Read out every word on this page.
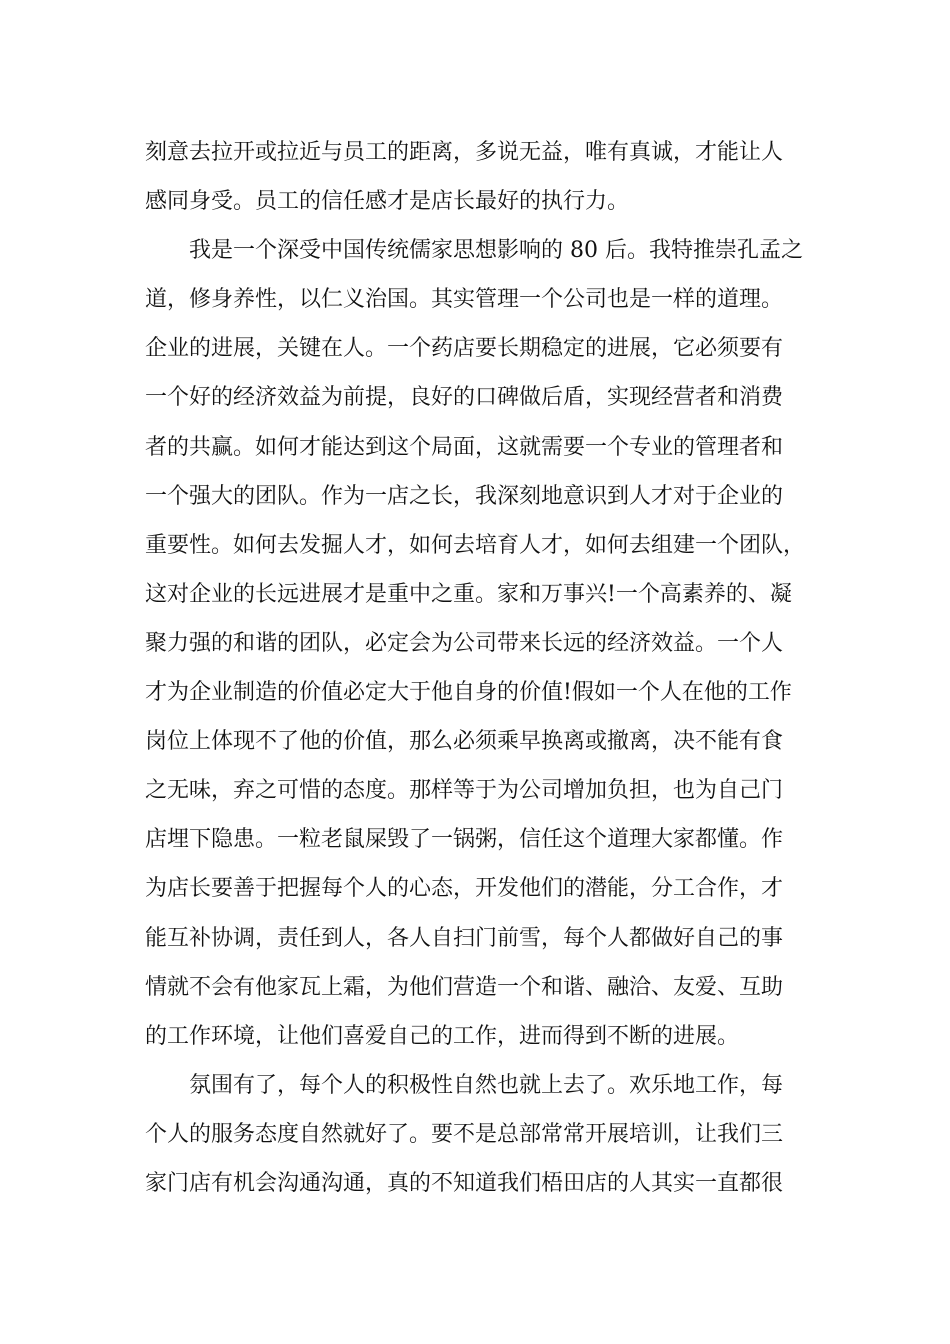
刻意去拉开或拉近与员工的距离，多说无益，唯有真诚，才能让人
感同身受。员工的信任感才是店长最好的执行力。
我是一个深受中国传统儒家思想影响的 80 后。我特推崇孔孟之
道，修身养性，以仁义治国。其实管理一个公司也是一样的道理。
企业的进展，关键在人。一个药店要长期稳定的进展，它必须要有
一个好的经济效益为前提，良好的口碑做后盾，实现经营者和消费
者的共赢。如何才能达到这个局面，这就需要一个专业的管理者和
一个强大的团队。作为一店之长，我深刻地意识到人才对于企业的
重要性。如何去发掘人才，如何去培育人才，如何去组建一个团队，
这对企业的长远进展才是重中之重。家和万事兴!一个高素养的、凝
聚力强的和谐的团队，必定会为公司带来长远的经济效益。一个人
才为企业制造的价值必定大于他自身的价值!假如一个人在他的工作
岗位上体现不了他的价值，那么必须乘早换离或撤离，决不能有食
之无味，弃之可惜的态度。那样等于为公司增加负担，也为自己门
店埋下隐患。一粒老鼠屎毁了一锅粥，信任这个道理大家都懂。作
为店长要善于把握每个人的心态，开发他们的潜能，分工合作，才
能互补协调，责任到人，各人自扫门前雪，每个人都做好自己的事
情就不会有他家瓦上霜，为他们营造一个和谐、融洽、友爱、互助
的工作环境，让他们喜爱自己的工作，进而得到不断的进展。
氛围有了，每个人的积极性自然也就上去了。欢乐地工作，每
个人的服务态度自然就好了。要不是总部常常开展培训，让我们三
家门店有机会沟通沟通，真的不知道我们梧田店的人其实一直都很
